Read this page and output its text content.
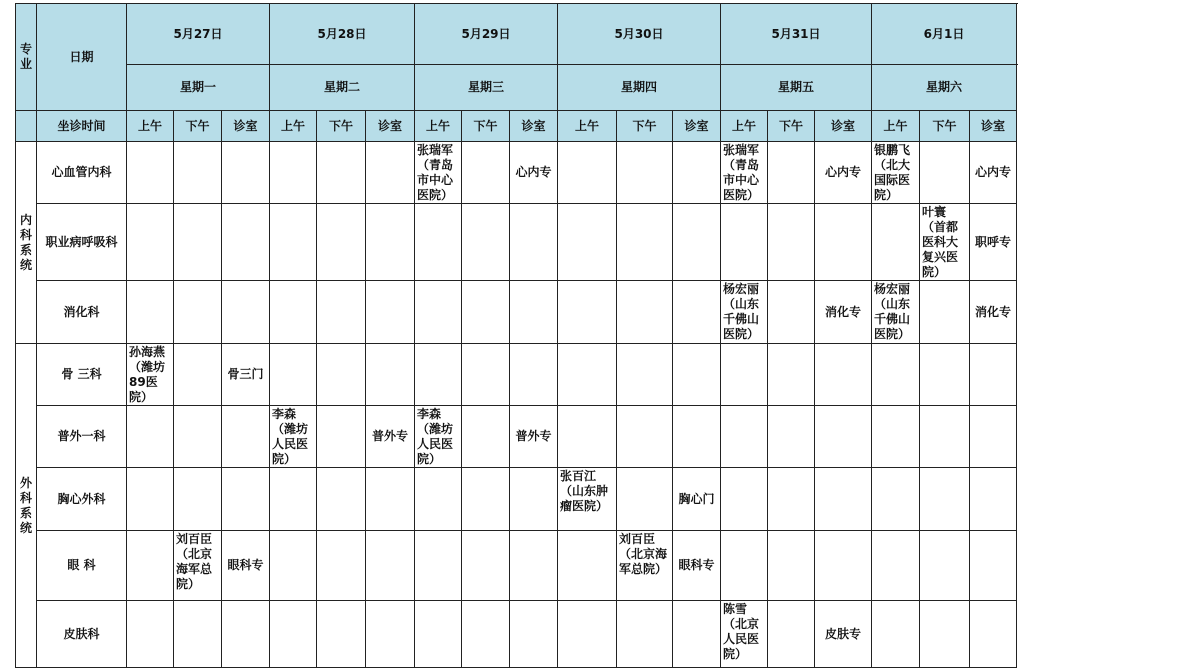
专业	日期	5月27日			5月28日			5月29日			5月30日			5月31日			6月1日	
		星期一			星期二			星期三			星期四			星期五			星期六	
	坐诊时间	上午	下午	诊室	上午	下午	诊室	上午	下午	诊室	上午	下午	诊室	上午	下午	诊室	上午	下午	诊室			
内科系统	心血管内科							张瑞军（青岛市中心医院）		心内专				张瑞军（青岛市中心医院）		心内专	银鹏飞（北大国际医院）		心内专			
	职业病呼吸科																	叶寰（首都医科大复兴医院）	职呼专			
	消化科													杨宏丽（山东千佛山医院）		消化专	杨宏丽（山东千佛山医院）		消化专			
外科系统	骨 三科	孙海燕（潍坊89医院）		骨三门																		
	普外一科				李森（潍坊人民医院）		普外专	李森（潍坊人民医院）		普外专												
	胸心外科										张百江（山东肿瘤医院）		胸心门									
	眼 科		刘百臣（北京海军总院）	眼科专								刘百臣（北京海军总院）	眼科专									
	皮肤科													陈雪（北京人民医院）		皮肤专						
